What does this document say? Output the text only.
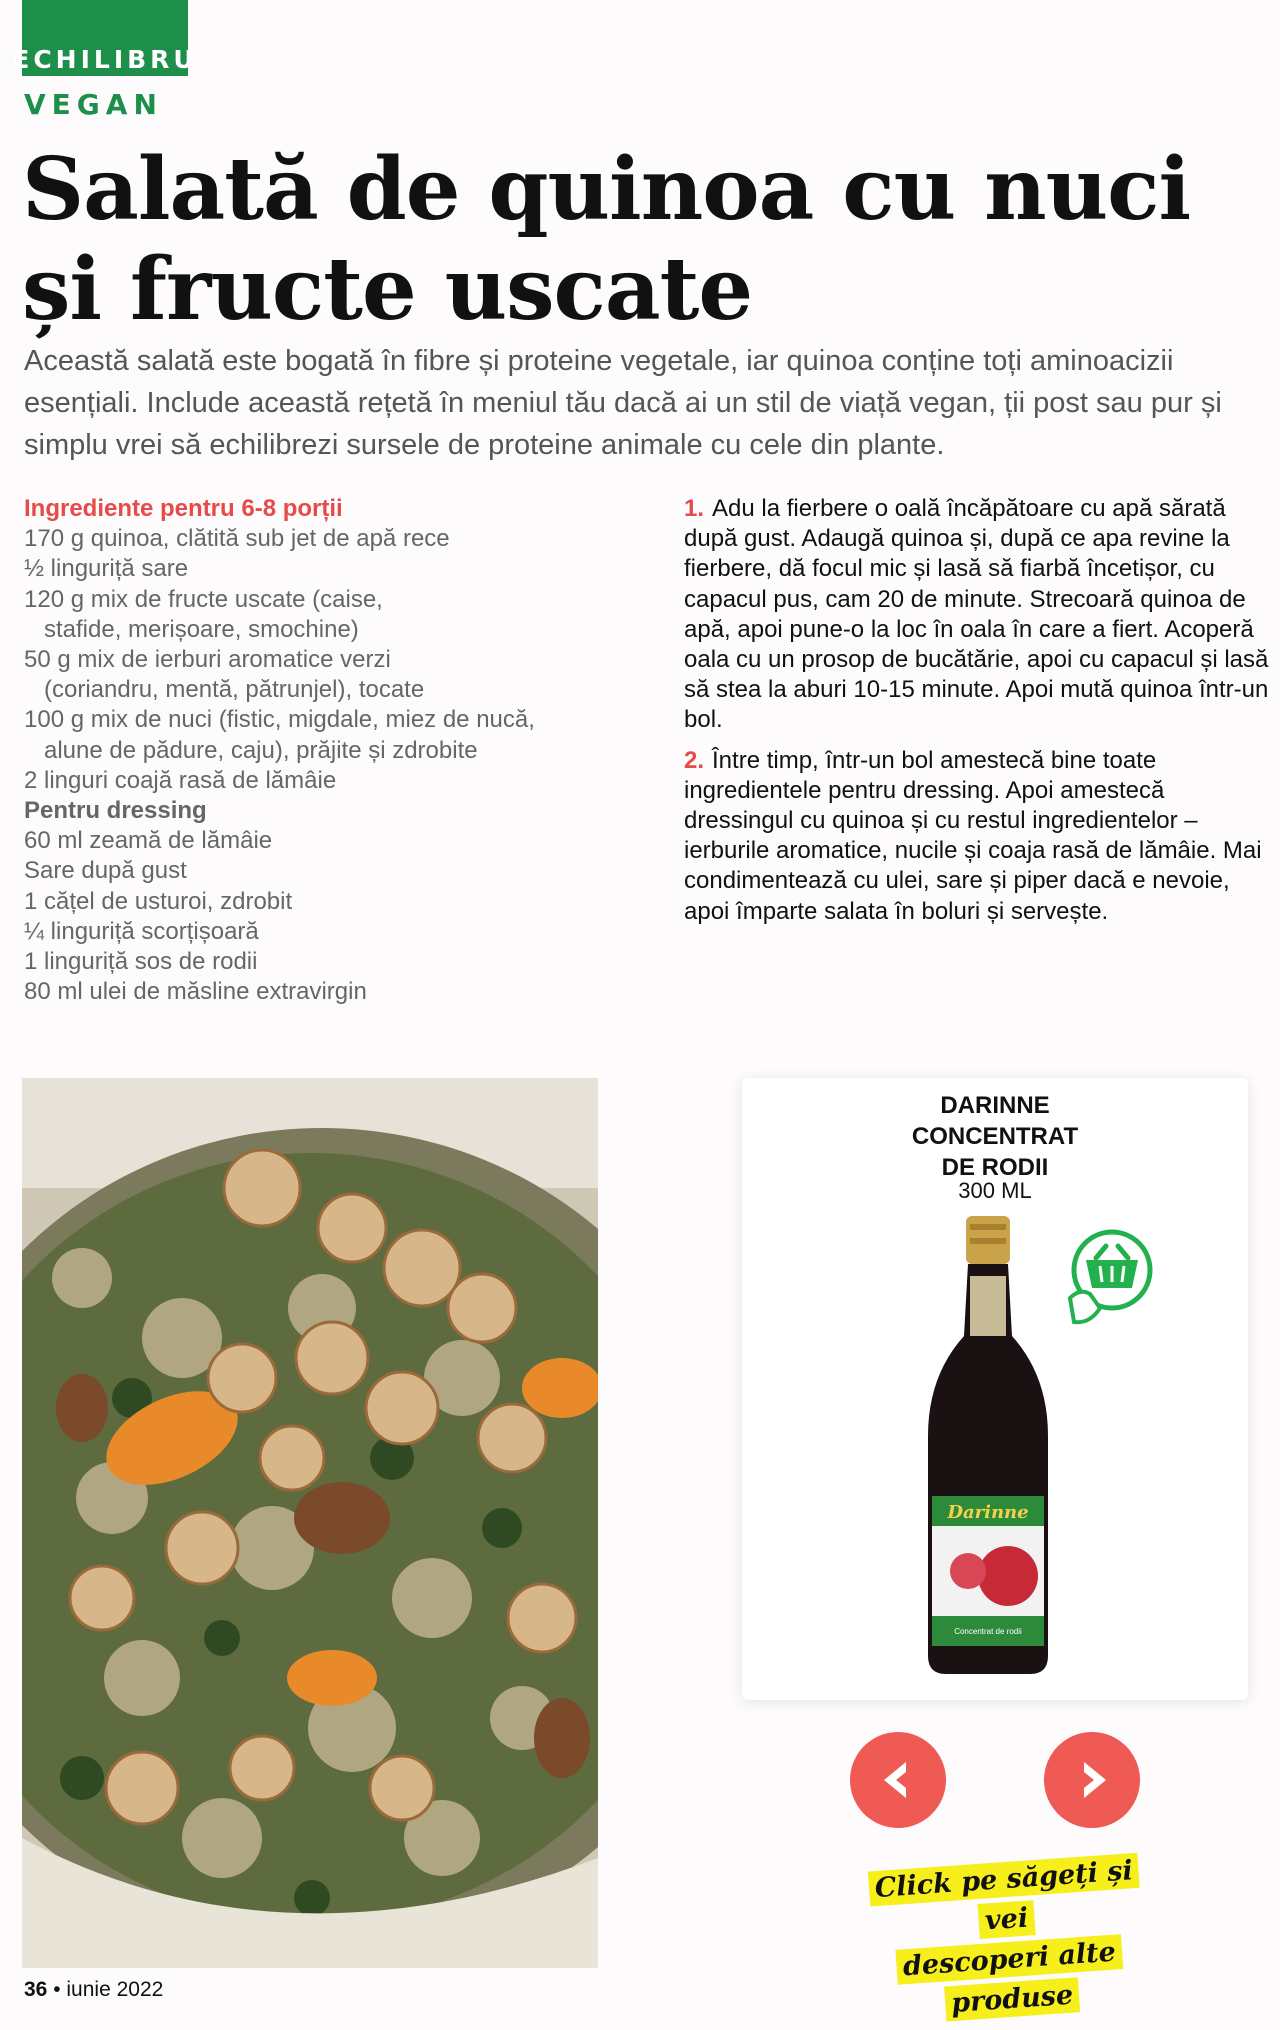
ECHILIBRU
VEGAN
Salată de quinoa cu nuci
și fructe uscate

Această salată este bogată în fibre și proteine vegetale, iar quinoa conține toți aminoacizii esențiali. Include această rețetă în meniul tău dacă ai un stil de viață vegan, ții post sau pur și simplu vrei să echilibrezi sursele de proteine animale cu cele din plante.

Ingrediente pentru 6-8 porții
170 g quinoa, clătită sub jet de apă rece
½ linguriță sare
120 g mix de fructe uscate (caise,
stafide, merișoare, smochine)
50 g mix de ierburi aromatice verzi
(coriandru, mentă, pătrunjel), tocate
100 g mix de nuci (fistic, migdale, miez de nucă,
alune de pădure, caju), prăjite și zdrobite
2 linguri coajă rasă de lămâie
Pentru dressing
60 ml zeamă de lămâie
Sare după gust
1 cățel de usturoi, zdrobit
¼ linguriță scorțișoară
1 linguriță sos de rodii
80 ml ulei de măsline extravirgin

1. Adu la fierbere o oală încăpătoare cu apă sărată după gust. Adaugă quinoa și, după ce apa revine la fierbere, dă focul mic și lasă să fiarbă încetișor, cu capacul pus, cam 20 de minute. Strecoară quinoa de apă, apoi pune-o la loc în oala în care a fiert. Acoperă oala cu un prosop de bucătărie, apoi cu capacul și lasă să stea la aburi 10-15 minute. Apoi mută quinoa într-un bol.

2. Între timp, într-un bol amestecă bine toate ingredientele pentru dressing. Apoi amestecă dressingul cu quinoa și cu restul ingredientelor – ierburile aromatice, nucile și coaja rasă de lămâie. Mai condimentează cu ulei, sare și piper dacă e nevoie, apoi împarte salata în boluri și servește.

DARINNE
CONCENTRAT
DE RODII
300 ML
Darinne
Concentrat de rodii
Click pe săgeți și vei
descoperi alte produse
36 • iunie 2022
